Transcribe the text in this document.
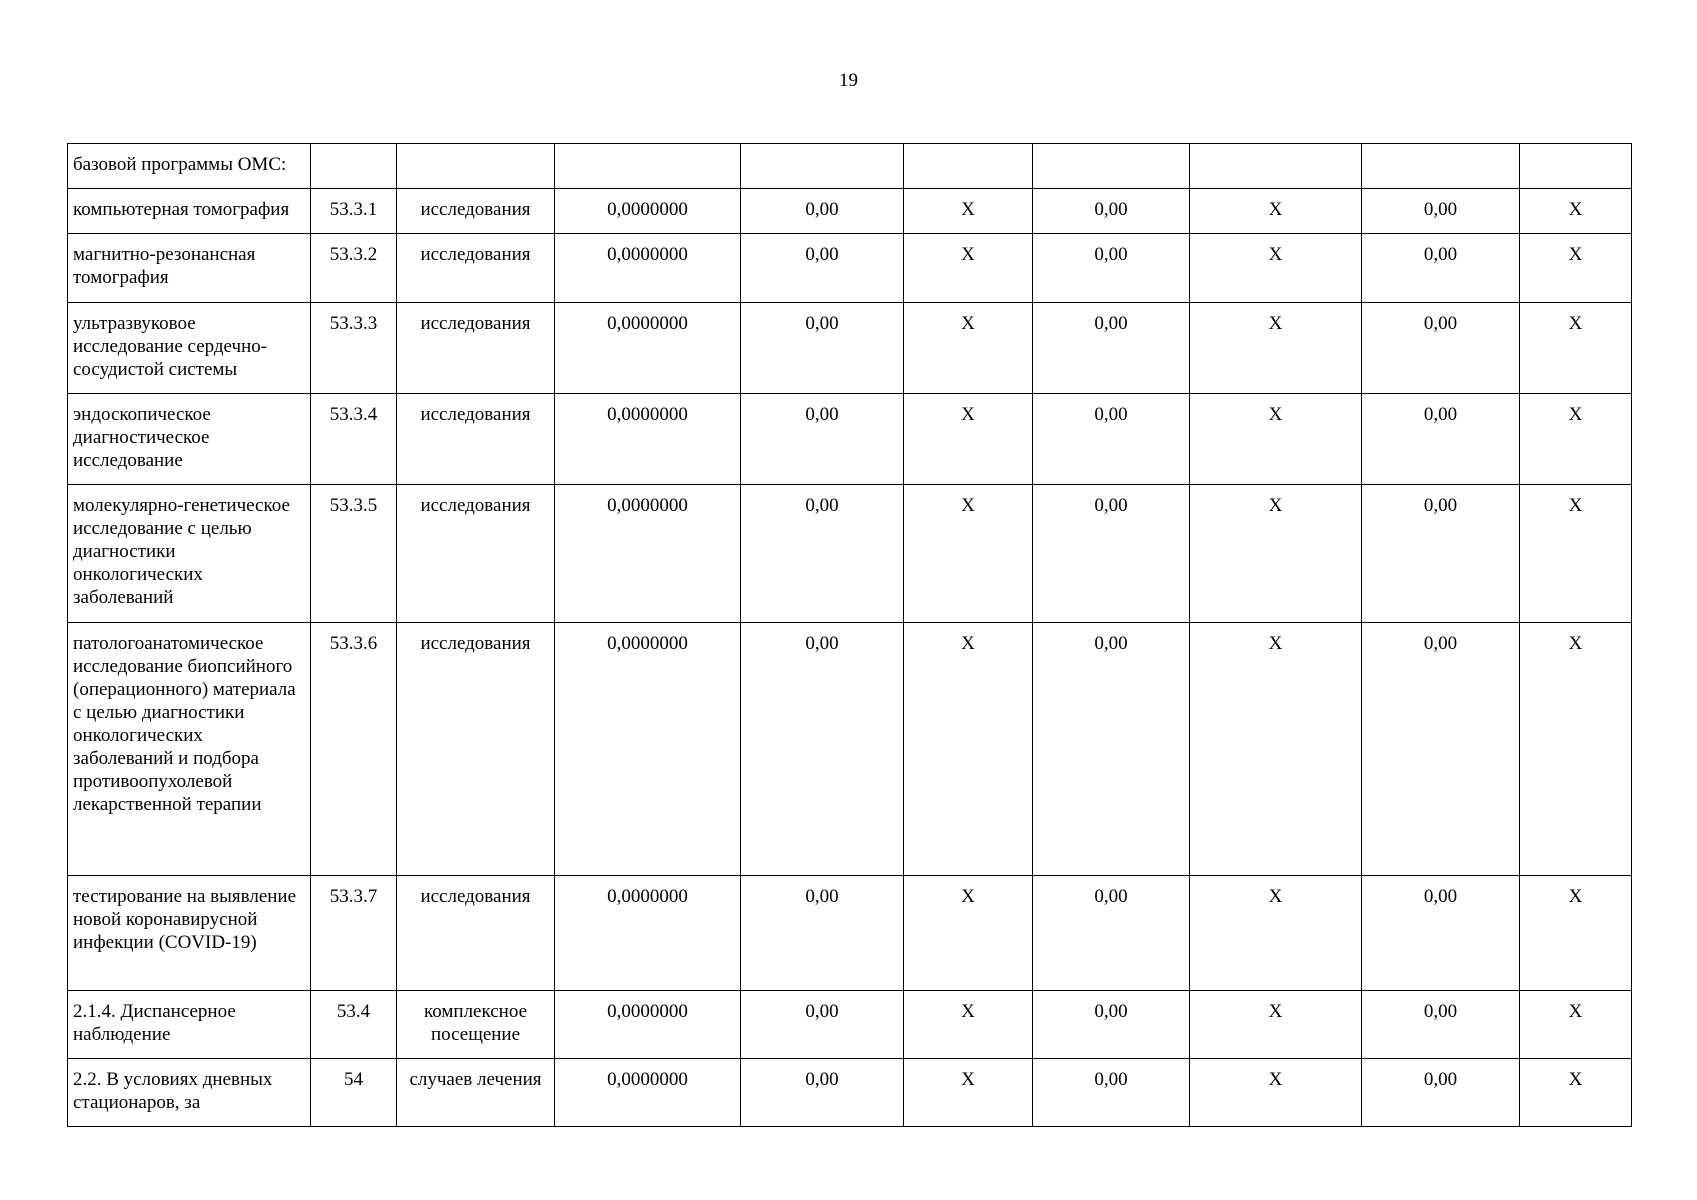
19
базовой программы ОМС:									
компьютерная томография	53.3.1	исследования	0,0000000	0,00	Х	0,00	Х	0,00	Х
магнитно-резонансная томография	53.3.2	исследования	0,0000000	0,00	Х	0,00	Х	0,00	Х
ультразвуковое исследование сердечно-сосудистой системы	53.3.3	исследования	0,0000000	0,00	Х	0,00	Х	0,00	Х
эндоскопическое диагностическое исследование	53.3.4	исследования	0,0000000	0,00	Х	0,00	Х	0,00	Х
молекулярно-генетическое исследование с целью диагностики онкологических заболеваний	53.3.5	исследования	0,0000000	0,00	Х	0,00	Х	0,00	Х
патологоанатомическое исследование биопсийного (операционного) материала с целью диагностики онкологических заболеваний и подбора противоопухолевой лекарственной терапии	53.3.6	исследования	0,0000000	0,00	Х	0,00	Х	0,00	Х
тестирование на выявление новой коронавирусной инфекции (COVID-19)	53.3.7	исследования	0,0000000	0,00	Х	0,00	Х	0,00	Х
2.1.4. Диспансерное наблюдение	53.4	комплексное посещение	0,0000000	0,00	Х	0,00	Х	0,00	Х
2.2. В условиях дневных стационаров, за	54	случаев лечения	0,0000000	0,00	Х	0,00	Х	0,00	Х
